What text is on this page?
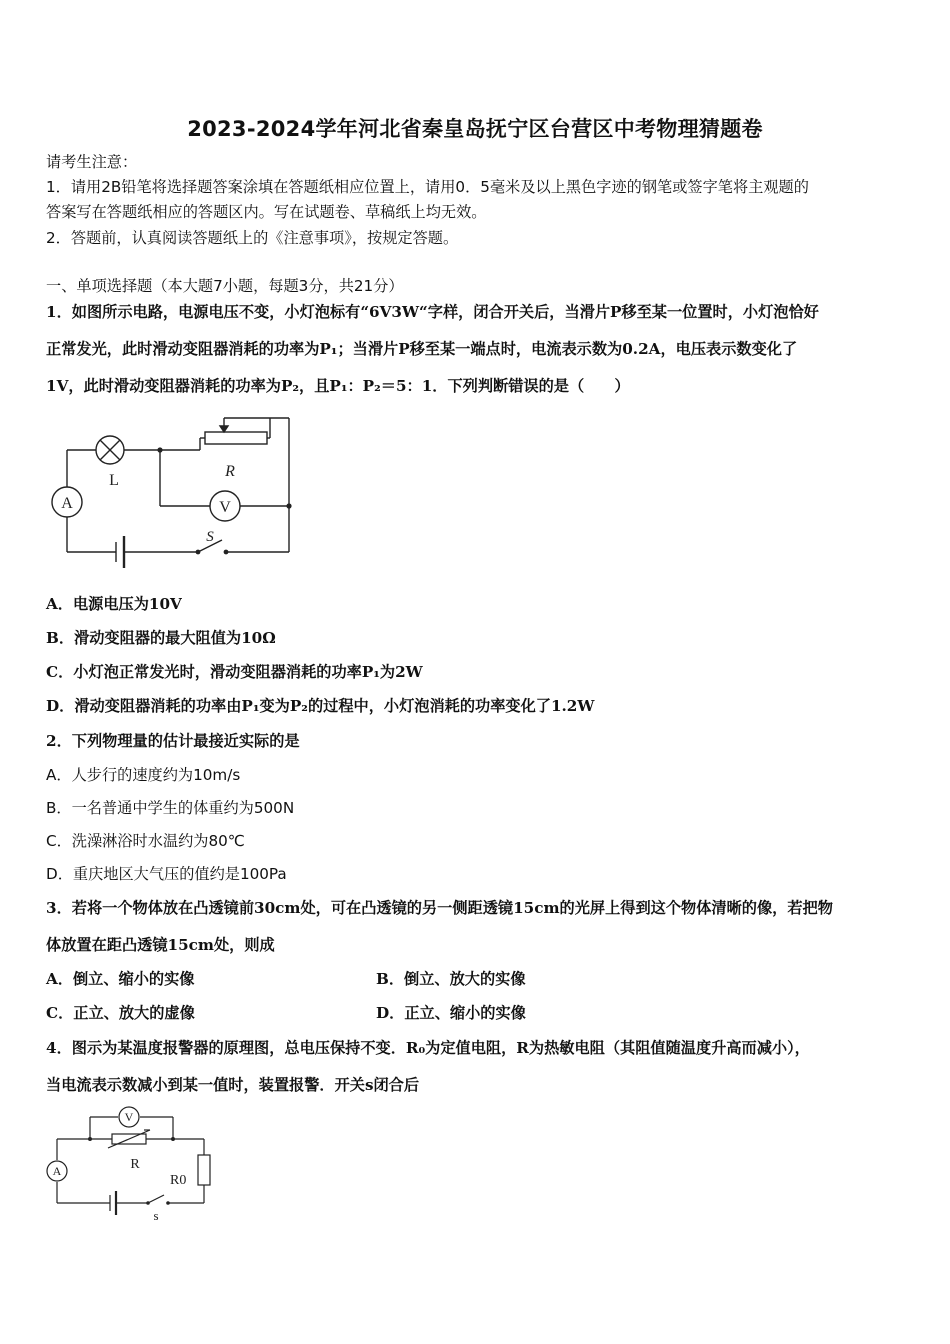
2023-2024学年河北省秦皇岛抚宁区台营区中考物理猜题卷
请考生注意：
1．请用2B铅笔将选择题答案涂填在答题纸相应位置上，请用0．5毫米及以上黑色字迹的钢笔或签字笔将主观题的
答案写在答题纸相应的答题区内。写在试题卷、草稿纸上均无效。
2．答题前，认真阅读答题纸上的《注意事项》，按规定答题。
一、单项选择题（本大题7小题，每题3分，共21分）
1．如图所示电路，电源电压不变，小灯泡标有“6V3W“字样，闭合开关后，当滑片P移至某一位置时，小灯泡恰好
正常发光，此时滑动变阻器消耗的功率为P₁；当滑片P移至某一端点时，电流表示数为0.2A，电压表示数变化了
1V，此时滑动变阻器消耗的功率为P₂，且P₁：P₂＝5：1．下列判断错误的是（　　）
V
A
L
R
S
A．电源电压为10V
B．滑动变阻器的最大阻值为10Ω
C．小灯泡正常发光时，滑动变阻器消耗的功率P₁为2W
D．滑动变阻器消耗的功率由P₁变为P₂的过程中，小灯泡消耗的功率变化了1.2W
2．下列物理量的估计最接近实际的是
A．人步行的速度约为10m/s
B．一名普通中学生的体重约为500N
C．洗澡淋浴时水温约为80℃
D．重庆地区大气压的值约是100Pa
3．若将一个物体放在凸透镜前30cm处，可在凸透镜的另一侧距透镜15cm的光屏上得到这个物体清晰的像，若把物
体放置在距凸透镜15cm处，则成
A．倒立、缩小的实像	B．倒立、放大的实像
C．正立、放大的虚像	D．正立、缩小的实像
4．图示为某温度报警器的原理图，总电压保持不变．R₀为定值电阻，R为热敏电阻（其阻值随温度升高而减小），
当电流表示数减小到某一值时，装置报警．开关s闭合后
V
A	R
R0
s
